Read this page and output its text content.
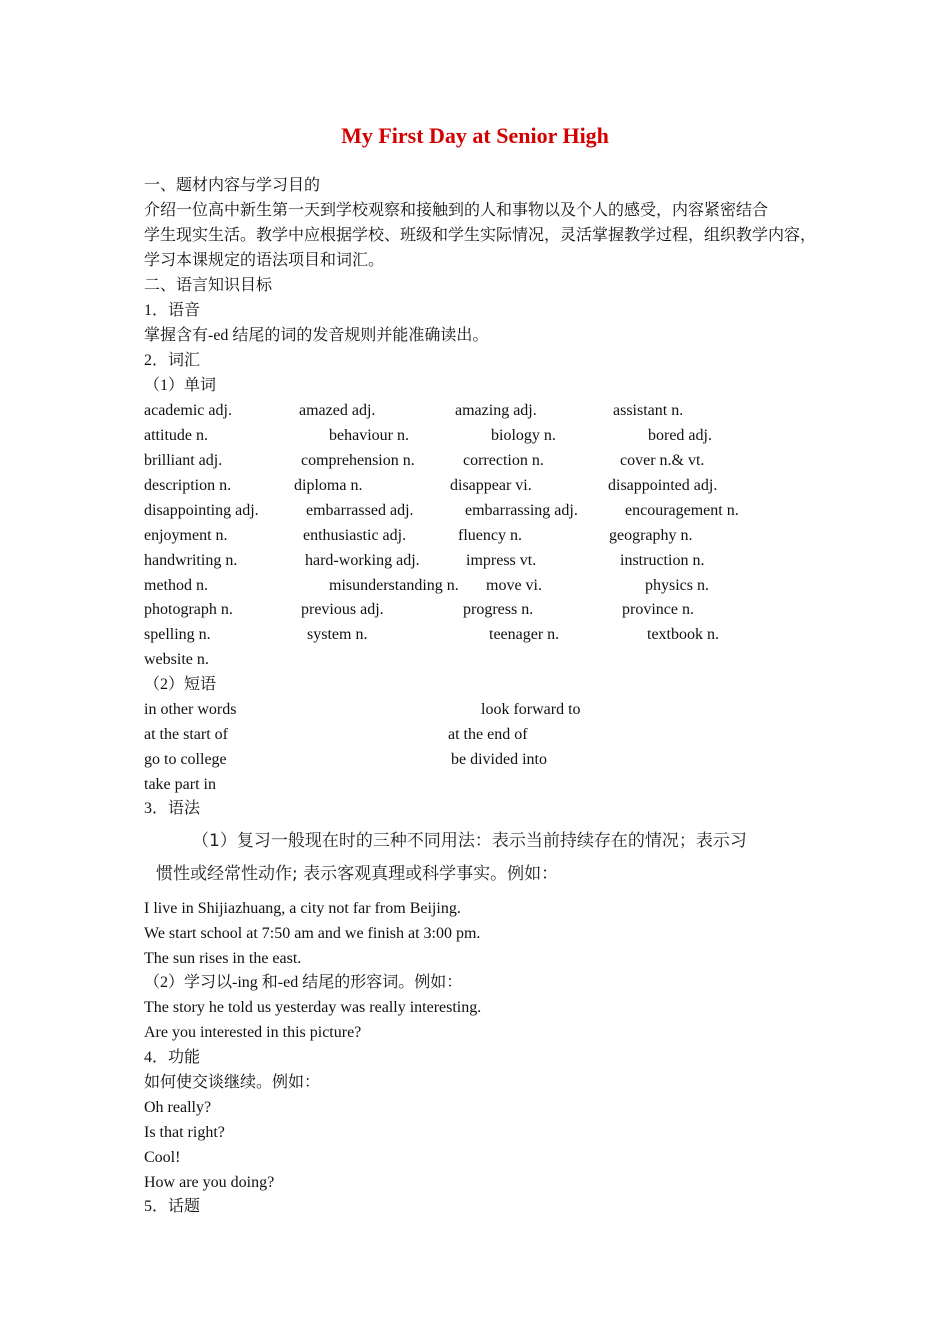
My First Day at Senior High
一、题材内容与学习目的
介绍一位高中新生第一天到学校观察和接触到的人和事物以及个人的感受，内容紧密结合
学生现实生活。教学中应根据学校、班级和学生实际情况，灵活掌握教学过程，组织教学内容，
学习本课规定的语法项目和词汇。
二、语言知识目标
1．语音
掌握含有-ed 结尾的词的发音规则并能准确读出。
2．词汇
（1）单词
academic adj.	amazed adj.	amazing adj.	assistant n.
attitude n.	behaviour n.	biology n.	bored adj.
brilliant adj.	comprehension n.	correction n.	cover n.& vt.
description n.	diploma n.	disappear vi.	disappointed adj.
disappointing adj.	embarrassed adj.	embarrassing adj.	encouragement n.
enjoyment n.	enthusiastic adj.	fluency n.	geography n.
handwriting n.	hard-working adj.	impress vt.	instruction n.
method n.	misunderstanding n. move vi.	physics n.
photograph n.	previous adj.	progress n.	province n.
spelling n.	system n.	teenager n.	textbook n.
website n.
（2）短语
in other words	look forward to
at the start of	at the end of
go to college	be divided into
take part in
3．语法
（1）复习一般现在时的三种不同用法：表示当前持续存在的情况；表示习
惯性或经常性动作; 表示客观真理或科学事实。例如：
I live in Shijiazhuang, a city not far from Beijing.
We start school at 7:50 am and we finish at 3:00 pm.
The sun rises in the east.
（2）学习以-ing 和-ed 结尾的形容词。例如：
The story he told us yesterday was really interesting.
Are you interested in this picture?
4．功能
如何使交谈继续。例如：
Oh really?
Is that right?
Cool!
How are you doing?
5．话题
